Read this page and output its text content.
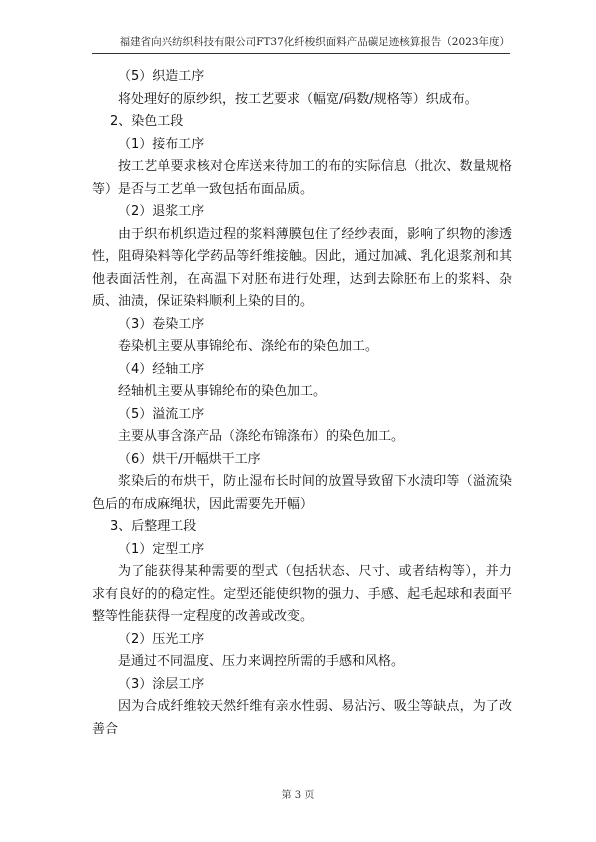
福建省向兴纺织科技有限公司FT37化纤梭织面料产品碳足迹核算报告（2023年度）

（5）织造工序

将处理好的原纱织，按工艺要求（幅宽/码数/规格等）织成布。

2、染色工段

（1）接布工序

按工艺单要求核对仓库送来待加工的布的实际信息（批次、数量规格等）是否与工艺单一致包括布面品质。

（2）退浆工序

由于织布机织造过程的浆料薄膜包住了经纱表面，影响了织物的渗透性，阻碍染料等化学药品等纤维接触。因此，通过加减、乳化退浆剂和其他表面活性剂，在高温下对胚布进行处理，达到去除胚布上的浆料、杂质、油渍，保证染料顺利上染的目的。

（3）卷染工序

卷染机主要从事锦纶布、涤纶布的染色加工。

（4）经轴工序

经轴机主要从事锦纶布的染色加工。

（5）溢流工序

主要从事含涤产品（涤纶布锦涤布）的染色加工。

（6）烘干/开幅烘干工序

浆染后的布烘干，防止湿布长时间的放置导致留下水渍印等（溢流染色后的布成麻绳状，因此需要先开幅）

3、后整理工段

（1）定型工序

为了能获得某种需要的型式（包括状态、尺寸、或者结构等），并力求有良好的的稳定性。定型还能使织物的强力、手感、起毛起球和表面平整等性能获得一定程度的改善或改变。

（2）压光工序

是通过不同温度、压力来调控所需的手感和风格。

（3）涂层工序

因为合成纤维较天然纤维有亲水性弱、易沾污、吸尘等缺点，为了改善合

第 3 页
